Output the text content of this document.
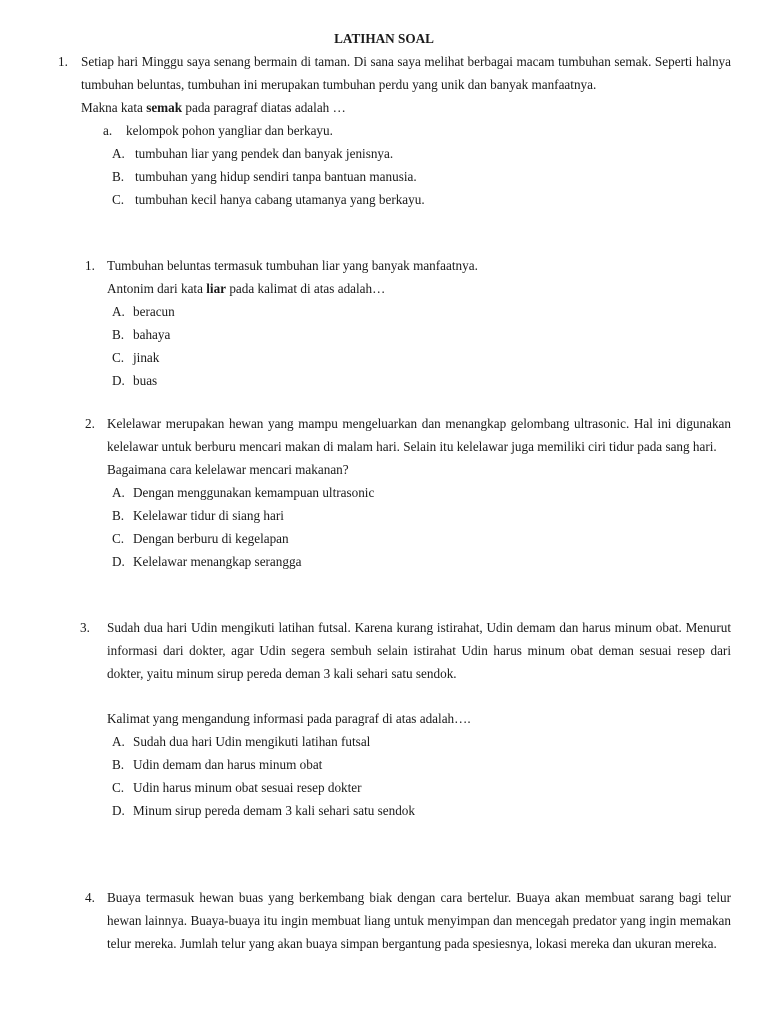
LATIHAN SOAL
1. Setiap hari Minggu saya senang bermain di taman. Di sana saya melihat berbagai macam tumbuhan semak. Seperti halnya tumbuhan beluntas, tumbuhan ini merupakan tumbuhan perdu yang unik dan banyak manfaatnya.
Makna kata semak pada paragraf diatas adalah …
a. kelompok pohon yangliar dan berkayu.
A. tumbuhan liar yang pendek dan banyak jenisnya.
B. tumbuhan yang hidup sendiri tanpa bantuan manusia.
C. tumbuhan kecil hanya cabang utamanya yang berkayu.
1. Tumbuhan beluntas termasuk tumbuhan liar yang banyak manfaatnya.
Antonim dari kata liar pada kalimat di atas adalah…
A. beracun
B. bahaya
C. jinak
D. buas
2. Kelelawar merupakan hewan yang mampu mengeluarkan dan menangkap gelombang ultrasonic. Hal ini digunakan kelelawar untuk berburu mencari makan di malam hari. Selain itu kelelawar juga memiliki ciri tidur pada sang hari.
Bagaimana cara kelelawar mencari makanan?
A. Dengan menggunakan kemampuan ultrasonic
B. Kelelawar tidur di siang hari
C. Dengan berburu di kegelapan
D. Kelelawar menangkap serangga
3. Sudah dua hari Udin mengikuti latihan futsal. Karena kurang istirahat, Udin demam dan harus minum obat. Menurut informasi dari dokter, agar Udin segera sembuh selain istirahat Udin harus minum obat deman sesuai resep dari dokter, yaitu minum sirup pereda deman 3 kali sehari satu sendok.
Kalimat yang mengandung informasi pada paragraf di atas adalah….
A. Sudah dua hari Udin mengikuti latihan futsal
B. Udin demam dan harus minum obat
C. Udin harus minum obat sesuai resep dokter
D. Minum sirup pereda demam 3 kali sehari satu sendok
4. Buaya termasuk hewan buas yang berkembang biak dengan cara bertelur. Buaya akan membuat sarang bagi telur hewan lainnya. Buaya-buaya itu ingin membuat liang untuk menyimpan dan mencegah predator yang ingin memakan telur mereka. Jumlah telur yang akan buaya simpan bergantung pada spesiesnya, lokasi mereka dan ukuran mereka.
